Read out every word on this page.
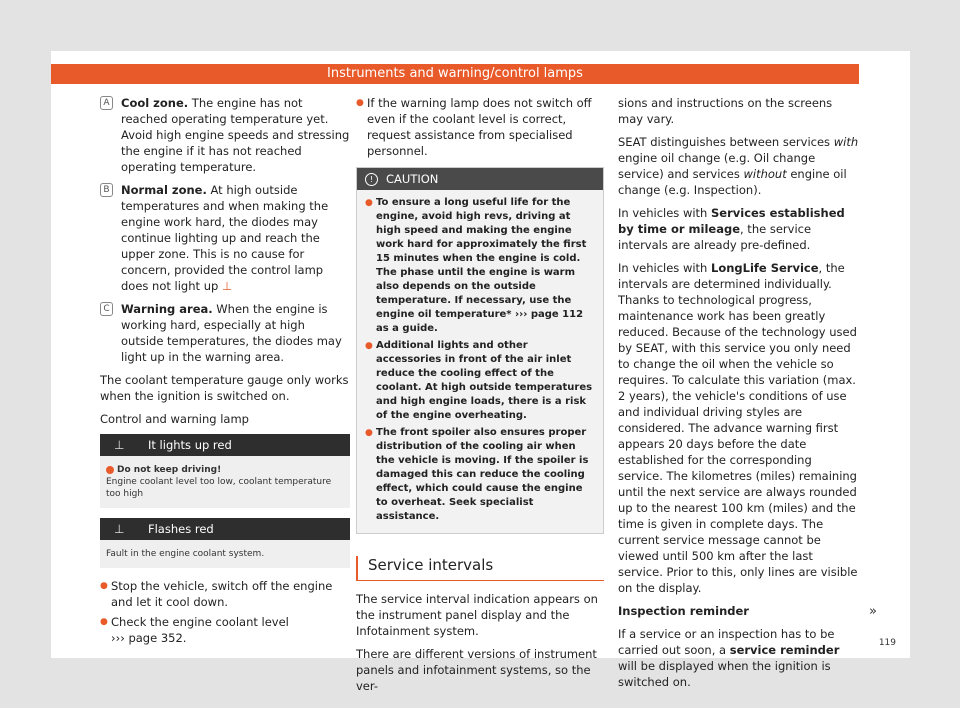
Instruments and warning/control lamps
A Cool zone. The engine has not reached operating temperature yet. Avoid high engine speeds and stressing the engine if it has not reached operating temperature.
B Normal zone. At high outside temperatures and when making the engine work hard, the diodes may continue lighting up and reach the upper zone. This is no cause for concern, provided the control lamp does not light up ⊥
C Warning area. When the engine is working hard, especially at high outside temperatures, the diodes may light up in the warning area.

The coolant temperature gauge only works when the ignition is switched on.

Control and warning lamp

⊥ It lights up red
Do not keep driving!
Engine coolant level too low, coolant temperature too high
⊥ Flashes red
Fault in the engine coolant system.
● Stop the vehicle, switch off the engine and let it cool down.
● Check the engine coolant level
››› page 352.
● If the warning lamp does not switch off even if the coolant level is correct, request assistance from specialised personnel.
! CAUTION
● To ensure a long useful life for the engine, avoid high revs, driving at high speed and making the engine work hard for approximately the first 15 minutes when the engine is cold. The phase until the engine is warm also depends on the outside temperature. If necessary, use the engine oil temperature* ››› page 112 as a guide.
● Additional lights and other accessories in front of the air inlet reduce the cooling effect of the coolant. At high outside temperatures and high engine loads, there is a risk of the engine overheating.
● The front spoiler also ensures proper distribution of the cooling air when the vehicle is moving. If the spoiler is damaged this can reduce the cooling effect, which could cause the engine to overheat. Seek specialist assistance.
Service intervals

The service interval indication appears on the instrument panel display and the Infotainment system.

There are different versions of instrument panels and infotainment systems, so the ver-

sions and instructions on the screens may vary.

SEAT distinguishes between services with engine oil change (e.g. Oil change service) and services without engine oil change (e.g. Inspection).

In vehicles with Services established by time or mileage, the service intervals are already pre-defined.

In vehicles with LongLife Service, the intervals are determined individually. Thanks to technological progress, maintenance work has been greatly reduced. Because of the technology used by SEAT, with this service you only need to change the oil when the vehicle so requires. To calculate this variation (max. 2 years), the vehicle's conditions of use and individual driving styles are considered. The advance warning first appears 20 days before the date established for the corresponding service. The kilometres (miles) remaining until the next service are always rounded up to the nearest 100 km (miles) and the time is given in complete days. The current service message cannot be viewed until 500 km after the last service. Prior to this, only lines are visible on the display.

Inspection reminder

If a service or an inspection has to be carried out soon, a service reminder will be displayed when the ignition is switched on.

»
119
